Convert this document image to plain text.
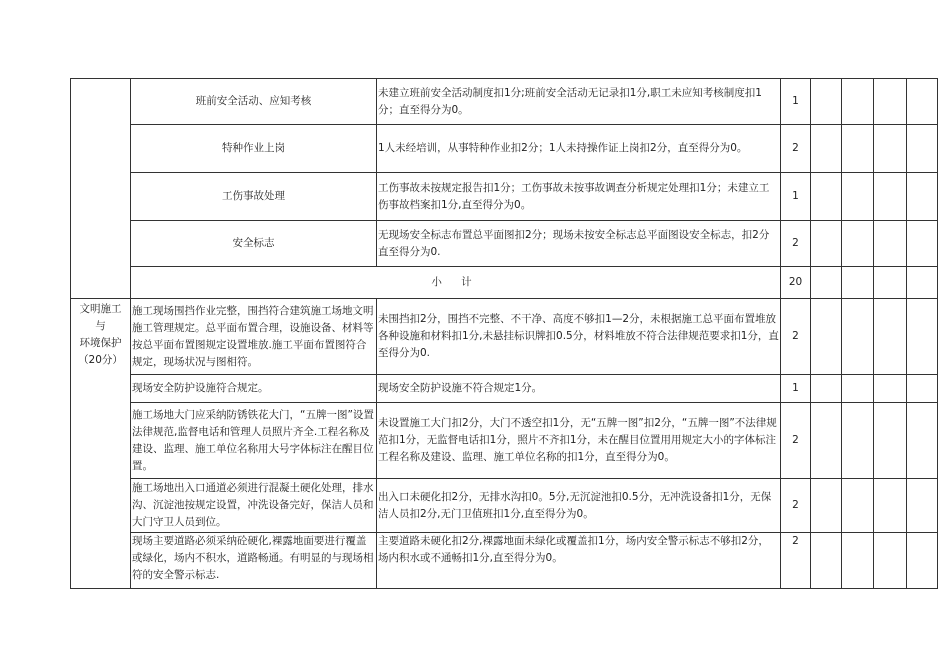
	班前安全活动、应知考核	未建立班前安全活动制度扣1分;班前安全活动无记录扣1分,职工未应知考核制度扣1分；直至得分为0。	1				
	特种作业上岗	1人未经培训，从事特种作业扣2分；1人未持操作证上岗扣2分，直至得分为0。	2				
	工伤事故处理	工伤事故未按规定报告扣1分；工伤事故未按事故调查分析规定处理扣1分；未建立工伤事故档案扣1分,直至得分为0。	1				
	安全标志	无现场安全标志布置总平面图扣2分；现场未按安全标志总平面图设安全标志，扣2分直至得分为0.	2				
	小 计		20				

文明施工
与
环境保护
（20分）	施工现场围挡作业完整，围挡符合建筑施工场地文明施工管理规定。总平面布置合理，设施设备、材料等按总平面布置图规定设置堆放.施工平面布置图符合规定，现场状况与图相符。	未围挡扣2分，围挡不完整、不干净、高度不够扣1—2分，未根据施工总平面布置堆放各种设施和材料扣1分,未悬挂标识牌扣0.5分，材料堆放不符合法律规范要求扣1分，直至得分为0.	2				
	现场安全防护设施符合规定。	现场安全防护设施不符合规定1分。	1				
	施工场地大门应采纳防锈铁花大门，“五牌一图”设置法律规范,监督电话和管理人员照片齐全.工程名称及建设、监理、施工单位名称用大号字体标注在醒目位置。	未设置施工大门扣2分，大门不透空扣1分，无“五牌一图”扣2分，“五牌一图”不法律规范扣1分，无监督电话扣1分，照片不齐扣1分，未在醒目位置用用规定大小的字体标注工程名称及建设、监理、施工单位名称的扣1分，直至得分为0。	2				
	施工场地出入口通道必须进行混凝土硬化处理，排水沟、沉淀池按规定设置，冲洗设备完好，保洁人员和大门守卫人员到位。	出入口未硬化扣2分，无排水沟扣0。5分,无沉淀池扣0.5分，无冲洗设备扣1分，无保洁人员扣2分,无门卫值班扣1分,直至得分为0。	2				
	现场主要道路必须采纳砼硬化,裸露地面要进行覆盖或绿化，场内不积水，道路畅通。有明显的与现场相符的安全警示标志.	主要道路未硬化扣2分,裸露地面未绿化或覆盖扣1分，场内安全警示标志不够扣2分，场内积水或不通畅扣1分,直至得分为0。	2				
